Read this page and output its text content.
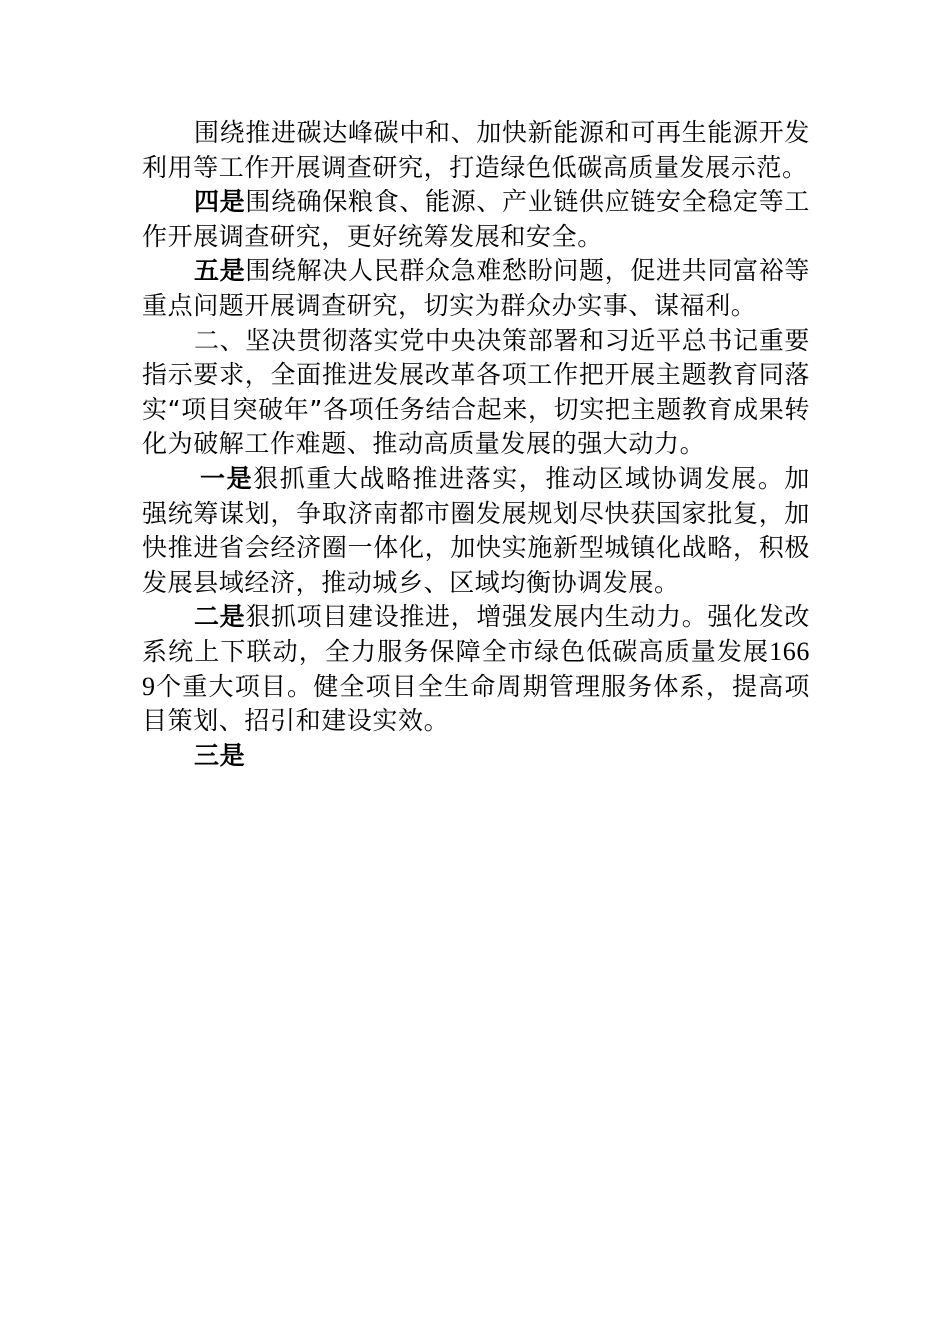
围绕推进碳达峰碳中和、加快新能源和可再生能源开发利用等工作开展调查研究，打造绿色低碳高质量发展示范。

四是围绕确保粮食、能源、产业链供应链安全稳定等工作开展调查研究，更好统筹发展和安全。

五是围绕解决人民群众急难愁盼问题，促进共同富裕等重点问题开展调查研究，切实为群众办实事、谋福利。

二、坚决贯彻落实党中央决策部署和习近平总书记重要指示要求，全面推进发展改革各项工作把开展主题教育同落实“项目突破年”各项任务结合起来，切实把主题教育成果转化为破解工作难题、推动高质量发展的强大动力。

一是狠抓重大战略推进落实，推动区域协调发展。加强统筹谋划，争取济南都市圈发展规划尽快获国家批复，加快推进省会经济圈一体化，加快实施新型城镇化战略，积极发展县域经济，推动城乡、区域均衡协调发展。

二是狠抓项目建设推进，增强发展内生动力。强化发改系统上下联动，全力服务保障全市绿色低碳高质量发展1669个重大项目。健全项目全生命周期管理服务体系，提高项目策划、招引和建设实效。

三是
